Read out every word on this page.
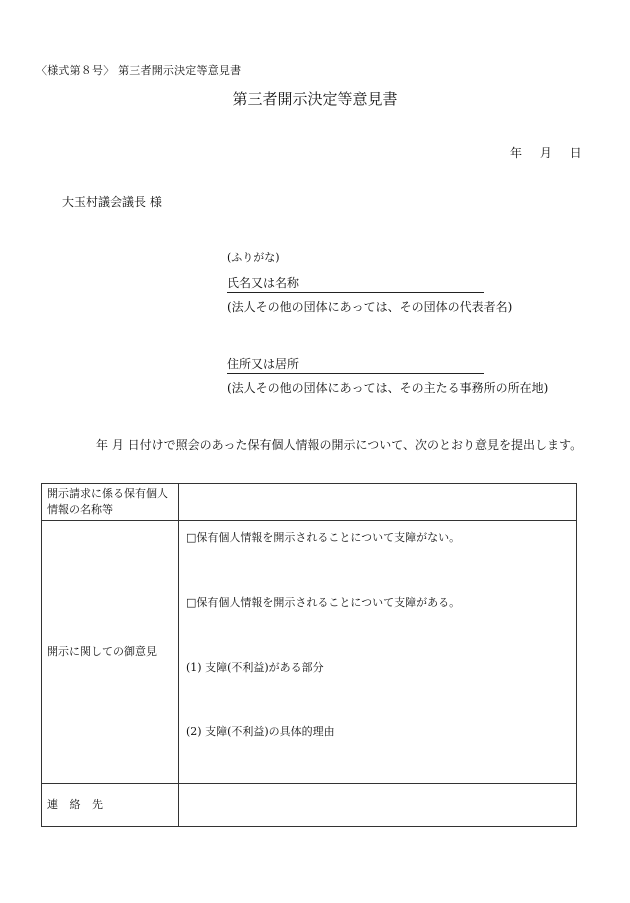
〈様式第８号〉 第三者開示決定等意見書
第三者開示決定等意見書
年 月 日
大玉村議会議長 様
(ふりがな)
氏名又は名称
(法人その他の団体にあっては、その団体の代表者名)
住所又は居所
(法人その他の団体にあっては、その主たる事務所の所在地)
年 月 日付けで照会のあった保有個人情報の開示について、次のとおり意見を提出します。
開示請求に係る保有個人情報の名称等	
開示に関しての御意見	□保有個人情報を開示されることについて支障がない。
□保有個人情報を開示されることについて支障がある。
(1) 支障(不利益)がある部分
(2) 支障(不利益)の具体的理由

連 絡 先	
